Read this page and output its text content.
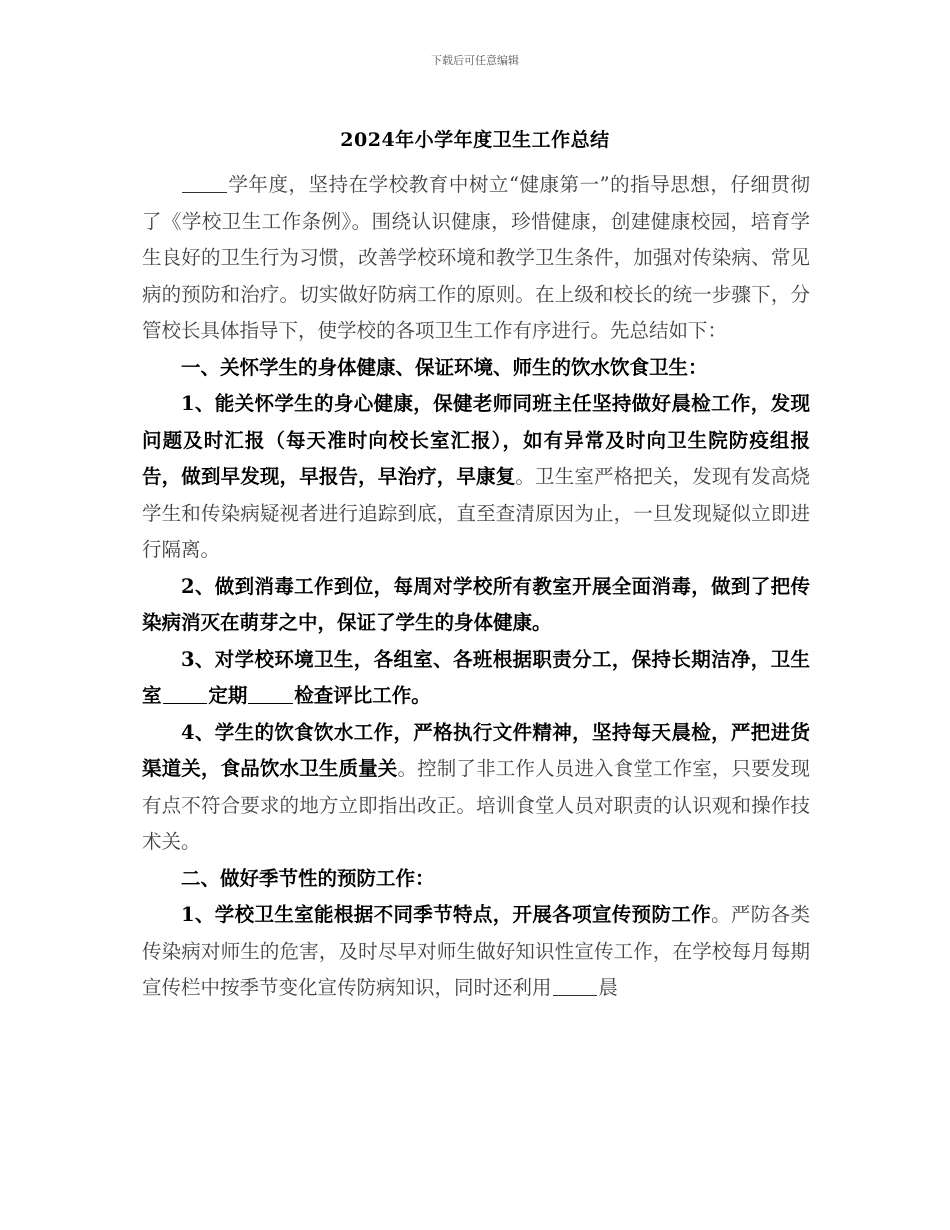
下载后可任意编辑
2024年小学年度卫生工作总结

学年度，坚持在学校教育中树立“健康第一”的指导思想，仔细贯彻了《学校卫生工作条例》。围绕认识健康，珍惜健康，创建健康校园，培育学生良好的卫生行为习惯，改善学校环境和教学卫生条件，加强对传染病、常见病的预防和治疗。切实做好防病工作的原则。在上级和校长的统一步骤下，分管校长具体指导下，使学校的各项卫生工作有序进行。先总结如下：

一、关怀学生的身体健康、保证环境、师生的饮水饮食卫生：

1、能关怀学生的身心健康，保健老师同班主任坚持做好晨检工作，发现问题及时汇报（每天准时向校长室汇报），如有异常及时向卫生院防疫组报告，做到早发现，早报告，早治疗，早康复。卫生室严格把关，发现有发高烧学生和传染病疑视者进行追踪到底，直至查清原因为止，一旦发现疑似立即进行隔离。

2、做到消毒工作到位，每周对学校所有教室开展全面消毒，做到了把传染病消灭在萌芽之中，保证了学生的身体健康。

3、对学校环境卫生，各组室、各班根据职责分工，保持长期洁净，卫生室 定期 检查评比工作。

4、学生的饮食饮水工作，严格执行文件精神，坚持每天晨检，严把进货渠道关，食品饮水卫生质量关。控制了非工作人员进入食堂工作室，只要发现有点不符合要求的地方立即指出改正。培训食堂人员对职责的认识观和操作技术关。

二、做好季节性的预防工作：

1、学校卫生室能根据不同季节特点，开展各项宣传预防工作。严防各类传染病对师生的危害，及时尽早对师生做好知识性宣传工作，在学校每月每期宣传栏中按季节变化宣传防病知识，同时还利用 晨
